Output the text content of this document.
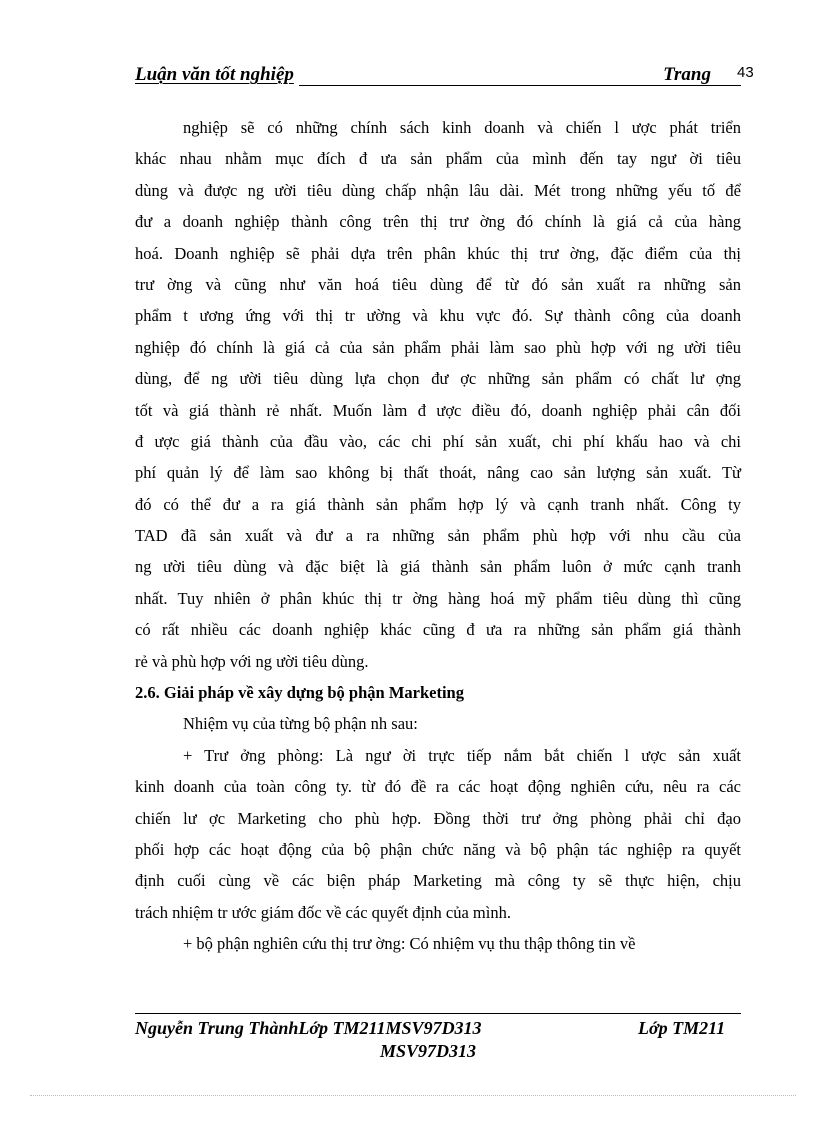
Luận văn tốt nghiệp	Trang 43
nghiệp sẽ có những chính sách kinh doanh và chiến l ược phát triển
khác nhau nhằm mục đích đ ưa sản phẩm của mình đến tay ngư ời tiêu
dùng và được ng ười tiêu dùng chấp nhận lâu dài. Mét trong những yếu tố để
đư a doanh nghiệp thành công trên thị trư ờng đó chính là giá cả của hàng
hoá. Doanh nghiệp sẽ phải dựa trên phân khúc thị trư ờng, đặc điểm của thị
trư ờng và cũng như văn hoá tiêu dùng để từ đó sản xuất ra những sản
phẩm t ương ứng với thị tr ường và khu vực đó. Sự thành công của doanh
nghiệp đó chính là giá cả của sản phẩm phải làm sao phù hợp với ng ười tiêu
dùng, để ng ười tiêu dùng lựa chọn đư ợc những sản phẩm có chất lư ợng
tốt và giá thành rẻ nhất. Muốn làm đ ược điều đó, doanh nghiệp phải cân đối
đ ược giá thành của đầu vào, các chi phí sản xuất, chi phí khấu hao và chi
phí quản lý để làm sao không bị thất thoát, nâng cao sản lượng sản xuất. Từ
đó có thể đư a ra giá thành sản phẩm hợp lý và cạnh tranh nhất. Công ty
TAD đã sản xuất và đư a ra những sản phẩm phù hợp với nhu cầu của
ng ười tiêu dùng và đặc biệt là giá thành sản phẩm luôn ở mức cạnh tranh
nhất. Tuy nhiên ở phân khúc thị tr ờng hàng hoá mỹ phẩm tiêu dùng thì cũng
có rất nhiều các doanh nghiệp khác cũng đ ưa ra những sản phẩm giá thành
rẻ và phù hợp với ng ười tiêu dùng.
2.6. Giải pháp về xây dựng bộ phận Marketing
Nhiệm vụ của từng bộ phận nh sau:
+ Trư ởng phòng: Là ngư ời trực tiếp nắm bắt chiến l ược sản xuất
kinh doanh của toàn công ty. từ đó đề ra các hoạt động nghiên cứu, nêu ra các
chiến lư ợc Marketing cho phù hợp. Đồng thời trư ởng phòng phải chỉ đạo
phối hợp các hoạt động của bộ phận chức năng và bộ phận tác nghiệp ra quyết
định cuối cùng về các biện pháp Marketing mà công ty sẽ thực hiện, chịu
trách nhiệm tr ước giám đốc về các quyết định của mình.
+ bộ phận nghiên cứu thị trư ờng: Có nhiệm vụ thu thập thông tin về
Nguyễn Trung ThànhLớp TM211MSV97D313	Lớp TM211
MSV97D313
